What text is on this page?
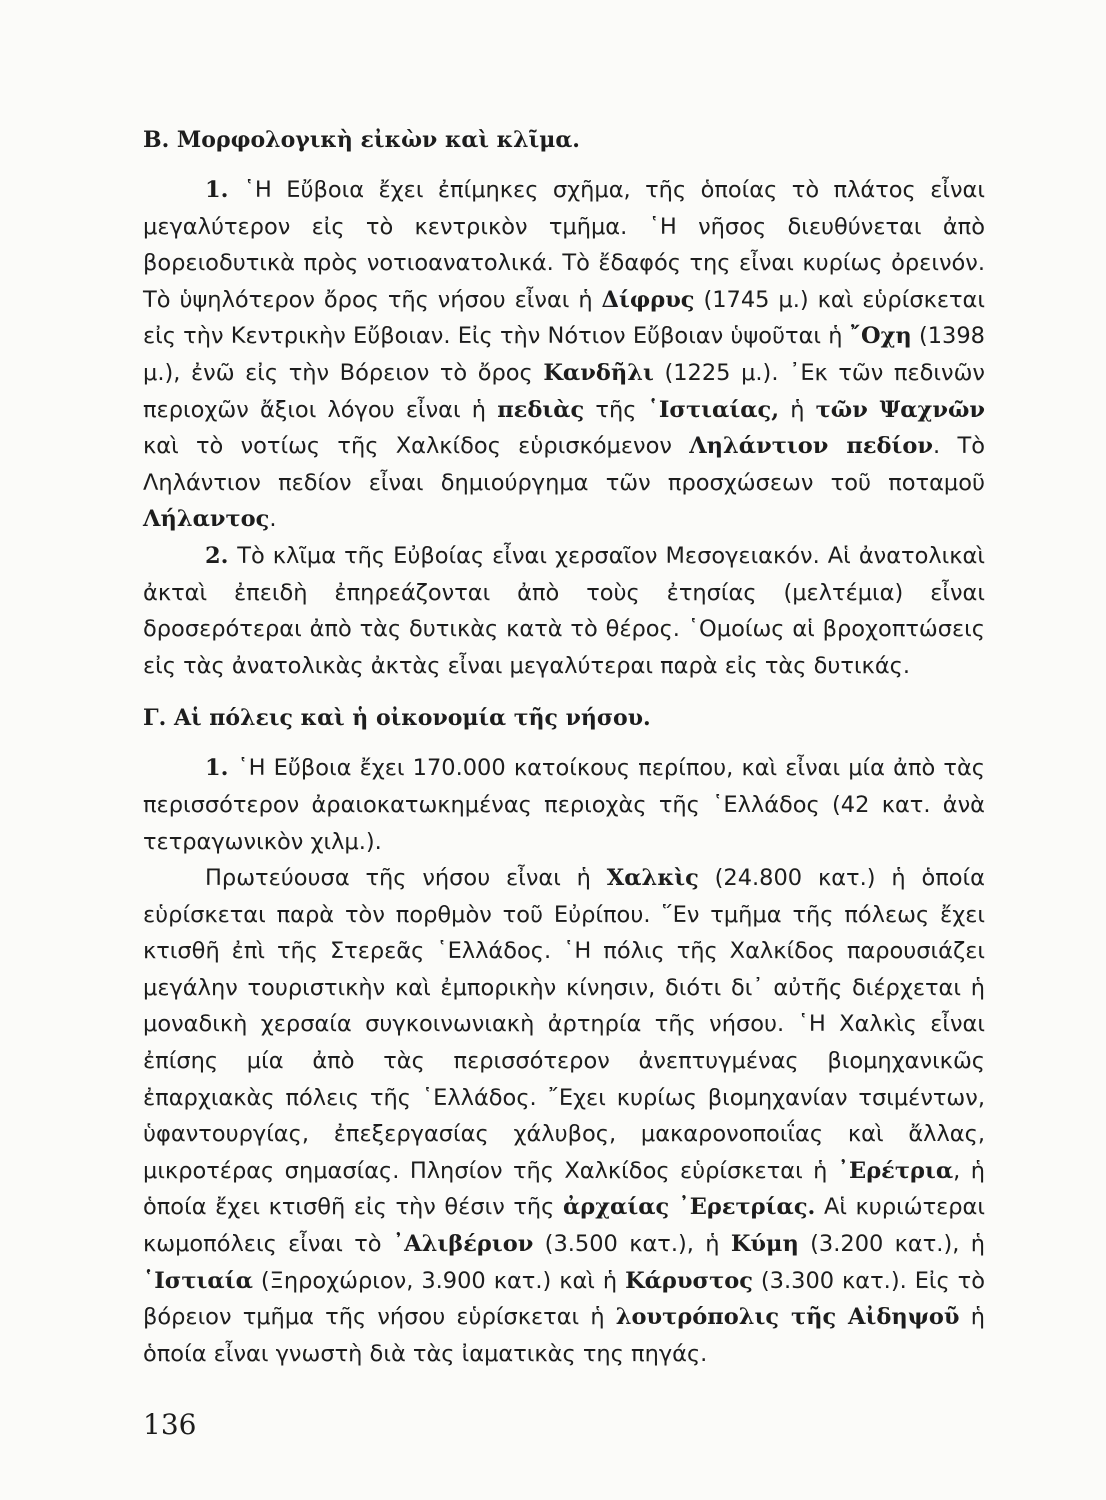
Β. Μορφολογικὴ εἰκὼν καὶ κλῖμα.

1. ῾Η Εὔβοια ἔχει ἐπίμηκες σχῆμα, τῆς ὁποίας τὸ πλάτος εἶναι μεγαλύτερον εἰς τὸ κεντρικὸν τμῆμα. ῾Η νῆσος διευθύνεται ἀπὸ βορειοδυτικὰ πρὸς νοτιοανατολικά. Τὸ ἔδαφός της εἶναι κυρίως ὀρεινόν. Τὸ ὑψηλότερον ὄρος τῆς νήσου εἶναι ἡ Δίφρυς (1745 μ.) καὶ εὑρίσκεται εἰς τὴν Κεντρικὴν Εὔβοιαν. Εἰς τὴν Νότιον Εὔβοιαν ὑψοῦται ἡ ῎Οχη (1398 μ.), ἐνῶ εἰς τὴν Βόρειον τὸ ὄρος Κανδῆλι (1225 μ.). ᾿Εκ τῶν πεδινῶν περιοχῶν ἄξιοι λόγου εἶναι ἡ πεδιὰς τῆς ῾Ιστιαίας, ἡ τῶν Ψαχνῶν καὶ τὸ νοτίως τῆς Χαλκίδος εὑρισκόμενον Ληλάντιον πεδίον. Τὸ Ληλάντιον πεδίον εἶναι δημιούργημα τῶν προσχώσεων τοῦ ποταμοῦ Λήλαντος.

2. Τὸ κλῖμα τῆς Εὐβοίας εἶναι χερσαῖον Μεσογειακόν. Αἱ ἀνατολικαὶ ἀκταὶ ἐπειδὴ ἐπηρεάζονται ἀπὸ τοὺς ἐτησίας (μελτέμια) εἶναι δροσερότεραι ἀπὸ τὰς δυτικὰς κατὰ τὸ θέρος. ῾Ομοίως αἱ βροχοπτώσεις εἰς τὰς ἀνατολικὰς ἀκτὰς εἶναι μεγαλύτεραι παρὰ εἰς τὰς δυτικάς.

Γ. Αἱ πόλεις καὶ ἡ οἰκονομία τῆς νήσου.

1. ῾Η Εὔβοια ἔχει 170.000 κατοίκους περίπου, καὶ εἶναι μία ἀπὸ τὰς περισσότερον ἀραιοκατωκημένας περιοχὰς τῆς ῾Ελλάδος (42 κατ. ἀνὰ τετραγωνικὸν χιλμ.).

Πρωτεύουσα τῆς νήσου εἶναι ἡ Χαλκὶς (24.800 κατ.) ἡ ὁποία εὑρίσκεται παρὰ τὸν πορθμὸν τοῦ Εὐρίπου. ῞Εν τμῆμα τῆς πόλεως ἔχει κτισθῆ ἐπὶ τῆς Στερεᾶς ῾Ελλάδος. ῾Η πόλις τῆς Χαλκίδος παρουσιάζει μεγάλην τουριστικὴν καὶ ἐμπορικὴν κίνησιν, διότι δι᾿ αὐτῆς διέρχεται ἡ μοναδικὴ χερσαία συγκοινωνιακὴ ἀρτηρία τῆς νήσου. ῾Η Χαλκὶς εἶναι ἐπίσης μία ἀπὸ τὰς περισσότερον ἀνεπτυγμένας βιομηχανικῶς ἐπαρχιακὰς πόλεις τῆς ῾Ελλάδος. ῎Εχει κυρίως βιομηχανίαν τσιμέντων, ὑφαντουργίας, ἐπεξεργασίας χάλυβος, μακαρονοποιΐας καὶ ἄλλας, μικροτέρας σημασίας. Πλησίον τῆς Χαλκίδος εὑρίσκεται ἡ ᾿Ερέτρια, ἡ ὁποία ἔχει κτισθῆ εἰς τὴν θέσιν τῆς ἀρχαίας ᾿Ερετρίας. Αἱ κυριώτεραι κωμοπόλεις εἶναι τὸ ᾿Αλιβέριον (3.500 κατ.), ἡ Κύμη (3.200 κατ.), ἡ ῾Ιστιαία (Ξηροχώριον, 3.900 κατ.) καὶ ἡ Κάρυστος (3.300 κατ.). Εἰς τὸ βόρειον τμῆμα τῆς νήσου εὑρίσκεται ἡ λουτρόπολις τῆς Αἰδηψοῦ ἡ ὁποία εἶναι γνωστὴ διὰ τὰς ἰαματικὰς της πηγάς.

136
